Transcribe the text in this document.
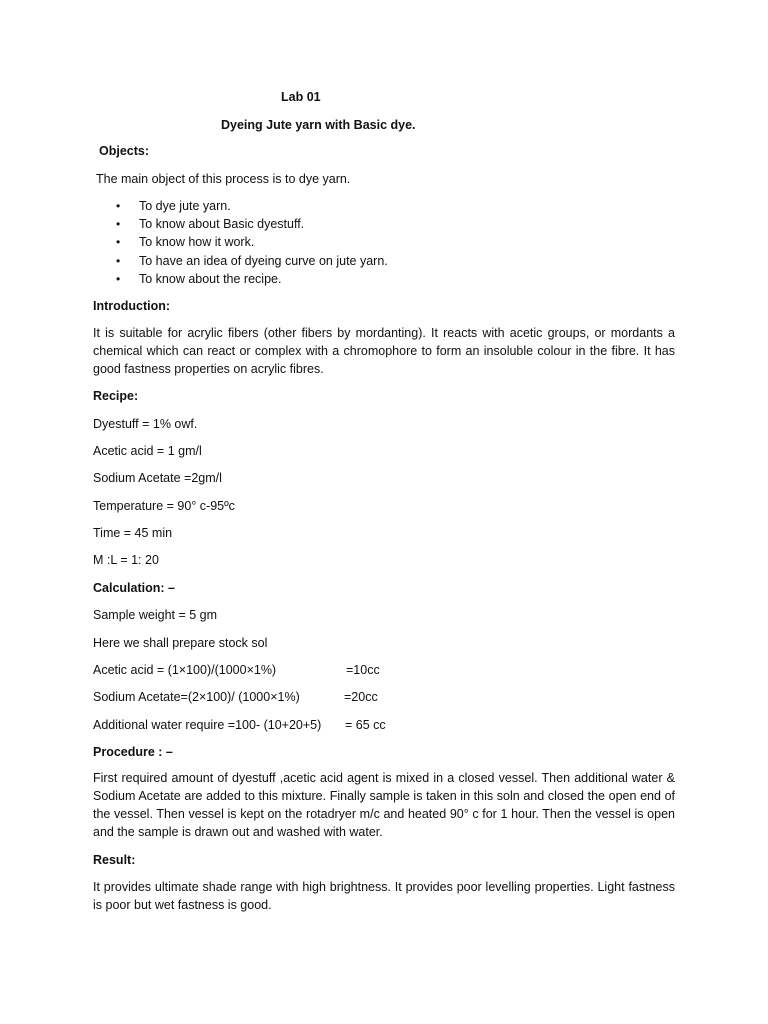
Lab 01
Dyeing Jute yarn with Basic dye.
Objects:
The main object of this process is to dye yarn.
• To dye jute yarn.
• To know about Basic dyestuff.
• To know how it work.
• To have an idea of dyeing curve on jute yarn.
• To know about the recipe.
Introduction:

It is suitable for acrylic fibers (other fibers by mordanting). It reacts with acetic groups, or mordants a chemical which can react or complex with a chromophore to form an insoluble colour in the fibre. It has good fastness properties on acrylic fibres.

Recipe:
Dyestuff = 1% owf.
Acetic acid = 1 gm/l
Sodium Acetate =2gm/l
Temperature = 90° c-95ºc
Time = 45 min
M :L = 1: 20
Calculation: –
Sample weight = 5 gm
Here we shall prepare stock sol
Acetic acid = (1×100)/(1000×1%)	=10cc
Sodium Acetate=(2×100)/ (1000×1%)	=20cc
Additional water require =100- (10+20+5) = 65 cc
Procedure : –

First required amount of dyestuff ,acetic acid agent is mixed in a closed vessel. Then additional water & Sodium Acetate are added to this mixture. Finally sample is taken in this soln and closed the open end of the vessel. Then vessel is kept on the rotadryer m/c and heated 90° c for 1 hour. Then the vessel is open and the sample is drawn out and washed with water.

Result:

It provides ultimate shade range with high brightness. It provides poor levelling properties. Light fastness is poor but wet fastness is good.
